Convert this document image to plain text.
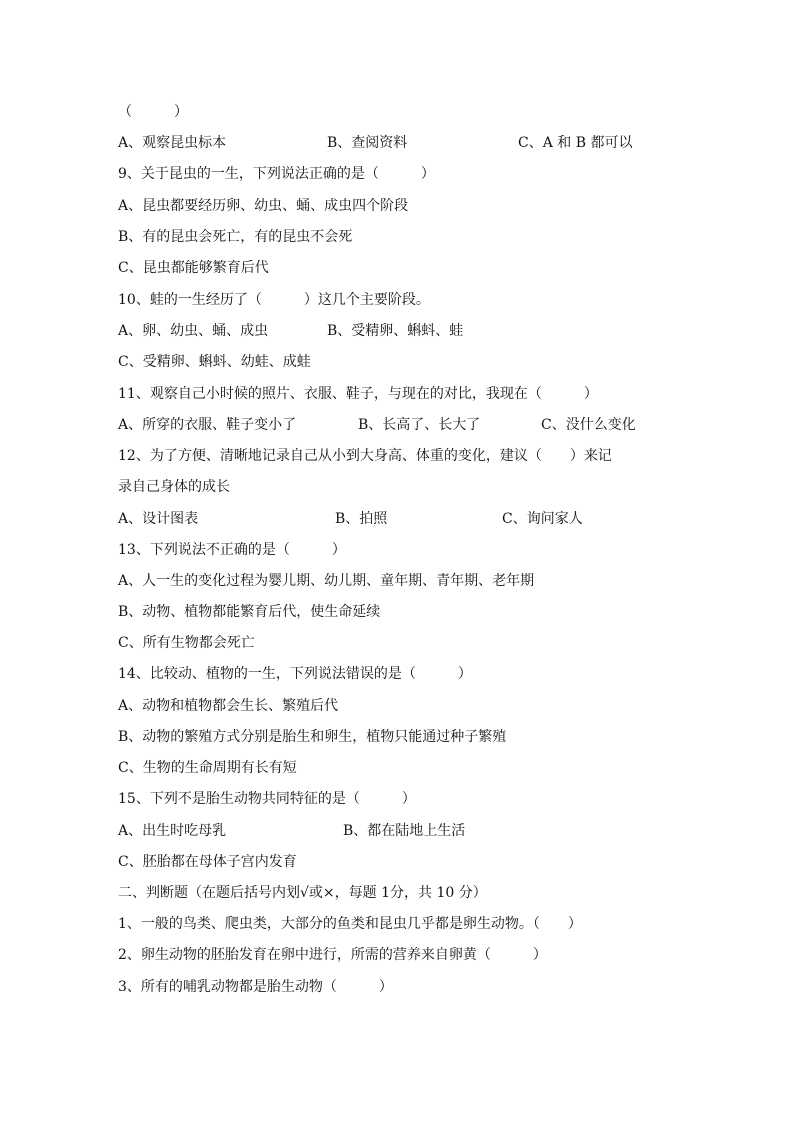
（　　　）
A、观察昆虫标本	B、查阅资料	C、A 和 B 都可以
9、关于昆虫的一生，下列说法正确的是（　　　）
A、昆虫都要经历卵、幼虫、蛹、成虫四个阶段
B、有的昆虫会死亡，有的昆虫不会死
C、昆虫都能够繁育后代
10、蛙的一生经历了（　　　）这几个主要阶段。
A、卵、幼虫、蛹、成虫	B、受精卵、蝌蚪、蛙
C、受精卵、蝌蚪、幼蛙、成蛙
11、观察自己小时候的照片、衣服、鞋子，与现在的对比，我现在（　　　）
A、所穿的衣服、鞋子变小了	B、长高了、长大了	C、没什么变化
12、为了方便、清晰地记录自己从小到大身高、体重的变化，建议（　　）来记
录自己身体的成长
A、设计图表	B、拍照	C、询问家人
13、下列说法不正确的是（　　　）
A、人一生的变化过程为婴儿期、幼儿期、童年期、青年期、老年期
B、动物、植物都能繁育后代，使生命延续
C、所有生物都会死亡
14、比较动、植物的一生，下列说法错误的是（　　　）
A、动物和植物都会生长、繁殖后代
B、动物的繁殖方式分别是胎生和卵生，植物只能通过种子繁殖
C、生物的生命周期有长有短
15、下列不是胎生动物共同特征的是（　　　）
A、出生时吃母乳	B、都在陆地上生活
C、胚胎都在母体子宫内发育
二、判断题（在题后括号内划√或×，每题 1分，共 10 分）
1、一般的鸟类、爬虫类，大部分的鱼类和昆虫几乎都是卵生动物。（　　）
2、卵生动物的胚胎发育在卵中进行，所需的营养来自卵黄（　　　）
3、所有的哺乳动物都是胎生动物（　　　）
